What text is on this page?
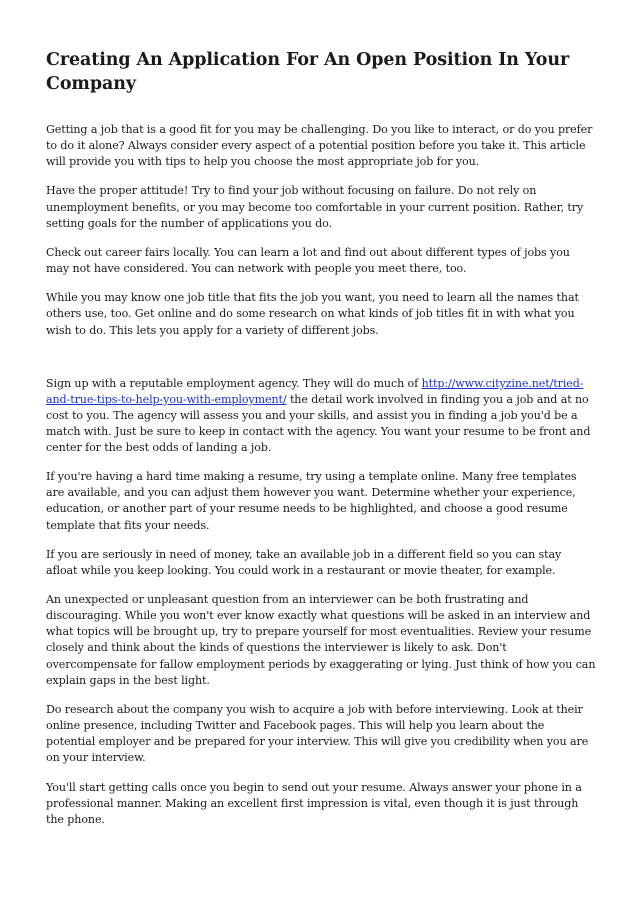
Creating An Application For An Open Position In Your Company

Getting a job that is a good fit for you may be challenging. Do you like to interact, or do you prefer to do it alone? Always consider every aspect of a potential position before you take it. This article will provide you with tips to help you choose the most appropriate job for you.

Have the proper attitude! Try to find your job without focusing on failure. Do not rely on unemployment benefits, or you may become too comfortable in your current position. Rather, try setting goals for the number of applications you do.

Check out career fairs locally. You can learn a lot and find out about different types of jobs you may not have considered. You can network with people you meet there, too.

While you may know one job title that fits the job you want, you need to learn all the names that others use, too. Get online and do some research on what kinds of job titles fit in with what you wish to do. This lets you apply for a variety of different jobs.

Sign up with a reputable employment agency. They will do much of http://www.cityzine.net/tried-and-true-tips-to-help-you-with-employment/ the detail work involved in finding you a job and at no cost to you. The agency will assess you and your skills, and assist you in finding a job you'd be a match with. Just be sure to keep in contact with the agency. You want your resume to be front and center for the best odds of landing a job.

If you're having a hard time making a resume, try using a template online. Many free templates are available, and you can adjust them however you want. Determine whether your experience, education, or another part of your resume needs to be highlighted, and choose a good resume template that fits your needs.

If you are seriously in need of money, take an available job in a different field so you can stay afloat while you keep looking. You could work in a restaurant or movie theater, for example.

An unexpected or unpleasant question from an interviewer can be both frustrating and discouraging. While you won't ever know exactly what questions will be asked in an interview and what topics will be brought up, try to prepare yourself for most eventualities. Review your resume closely and think about the kinds of questions the interviewer is likely to ask. Don't overcompensate for fallow employment periods by exaggerating or lying. Just think of how you can explain gaps in the best light.

Do research about the company you wish to acquire a job with before interviewing. Look at their online presence, including Twitter and Facebook pages. This will help you learn about the potential employer and be prepared for your interview. This will give you credibility when you are on your interview.

You'll start getting calls once you begin to send out your resume. Always answer your phone in a professional manner. Making an excellent first impression is vital, even though it is just through the phone.
